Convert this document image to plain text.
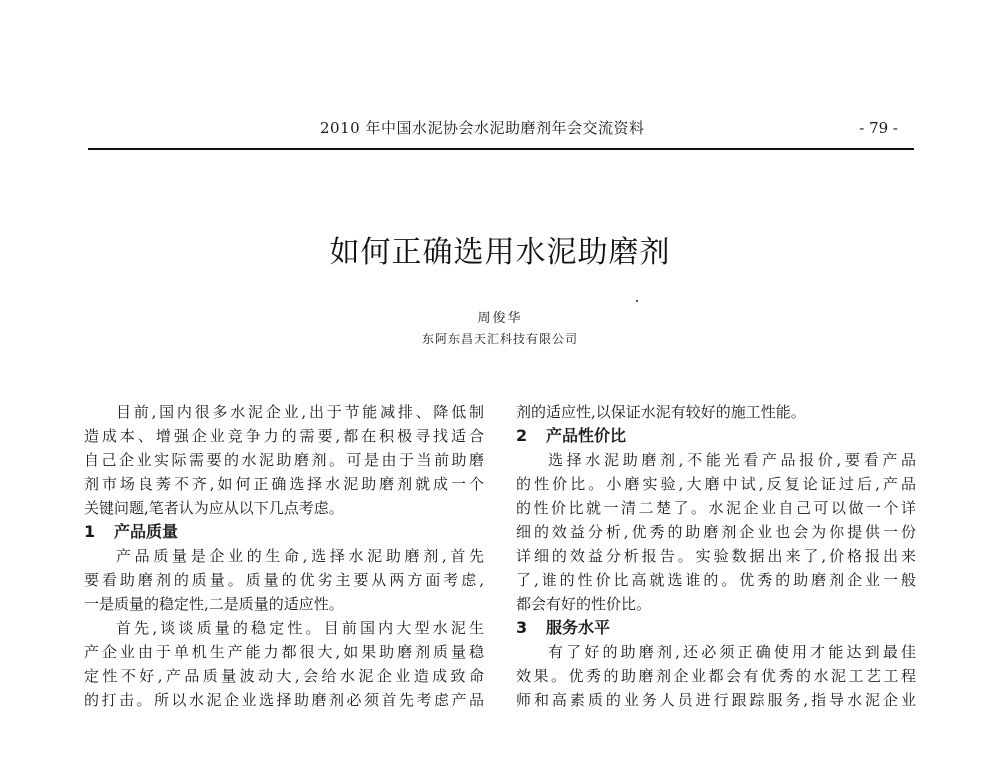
2010 年中国水泥协会水泥助磨剂年会交流资料	- 79 -
如何正确选用水泥助磨剂
周俊华
东阿东昌天汇科技有限公司
目前,国内很多水泥企业,出于节能减排、降低制
造成本、增强企业竞争力的需要,都在积极寻找适合
自己企业实际需要的水泥助磨剂。可是由于当前助磨
剂市场良莠不齐,如何正确选择水泥助磨剂就成一个
关键问题,笔者认为应从以下几点考虑。
1 产品质量
产品质量是企业的生命,选择水泥助磨剂,首先
要看助磨剂的质量。质量的优劣主要从两方面考虑,
一是质量的稳定性,二是质量的适应性。
首先,谈谈质量的稳定性。目前国内大型水泥生
产企业由于单机生产能力都很大,如果助磨剂质量稳
定性不好,产品质量波动大,会给水泥企业造成致命
的打击。所以水泥企业选择助磨剂必须首先考虑产品
剂的适应性,以保证水泥有较好的施工性能。
2 产品性价比
选择水泥助磨剂,不能光看产品报价,要看产品
的性价比。小磨实验,大磨中试,反复论证过后,产品
的性价比就一清二楚了。水泥企业自己可以做一个详
细的效益分析,优秀的助磨剂企业也会为你提供一份
详细的效益分析报告。实验数据出来了,价格报出来
了,谁的性价比高就选谁的。优秀的助磨剂企业一般
都会有好的性价比。
3 服务水平
有了好的助磨剂,还必须正确使用才能达到最佳
效果。优秀的助磨剂企业都会有优秀的水泥工艺工程
师和高素质的业务人员进行跟踪服务,指导水泥企业
